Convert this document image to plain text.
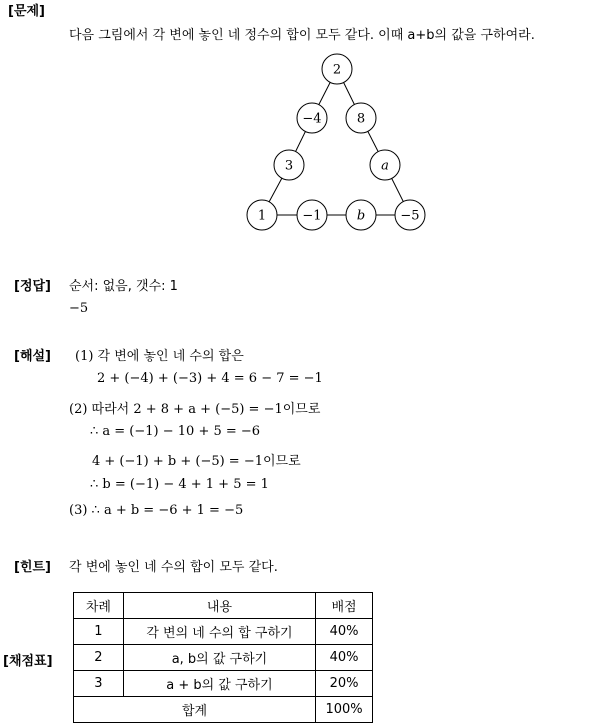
[문제]
다음 그림에서 각 변에 놓인 네 정수의 합이 모두 같다. 이때 a+b의 값을 구하여라.
2
−4	8
3	a
1	−1	b	−5
[정답] 순서: 없음, 갯수: 1
−5
[해설] (1) 각 변에 놓인 네 수의 합은
2 + (−4) + (−3) + 4 = 6 − 7 = −1
(2) 따라서 2 + 8 + a + (−5) = −1이므로
∴ a = (−1) − 10 + 5 = −6
4 + (−1) + b + (−5) = −1이므로
∴ b = (−1) − 4 + 1 + 5 = 1
(3) ∴ a + b = −6 + 1 = −5
[힌트] 각 변에 놓인 네 수의 합이 모두 같다.
[채점표]
차례	내용	배점
1	각 변의 네 수의 합 구하기	40%
2	a, b의 값 구하기	40%
3	a + b의 값 구하기	20%
합계		100%
